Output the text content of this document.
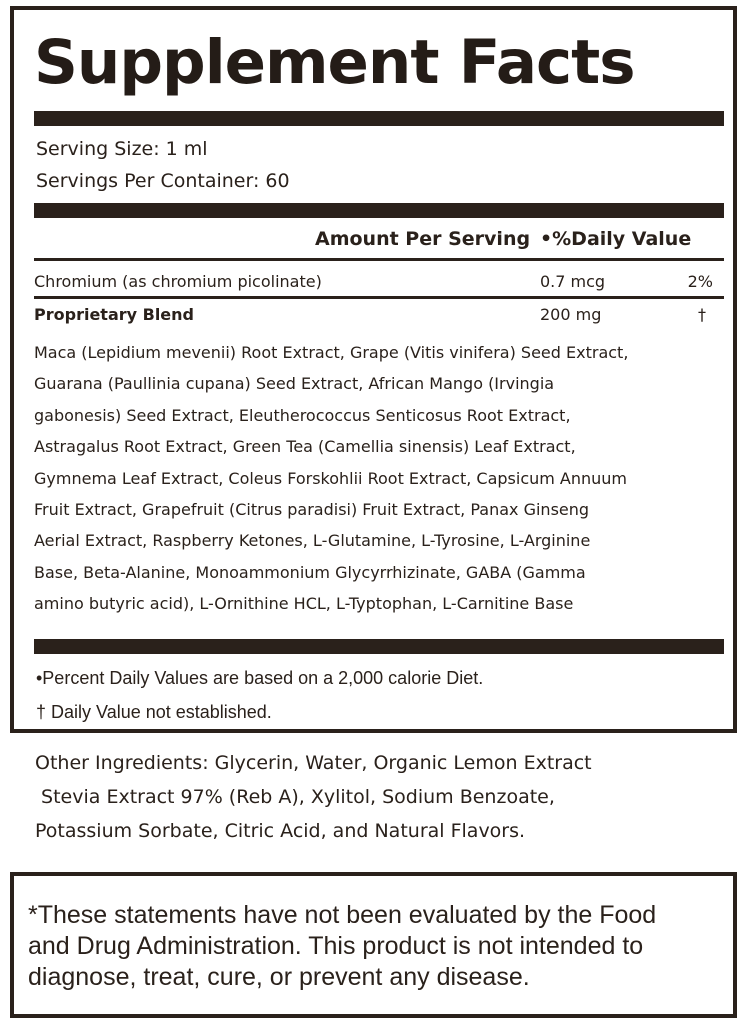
Supplement Facts
Serving Size: 1 ml
Servings Per Container: 60
Amount Per Serving •%Daily Value
Chromium (as chromium picolinate)	0.7 mcg	2%
Proprietary Blend	200 mg	†
Maca (Lepidium mevenii) Root Extract, Grape (Vitis vinifera) Seed Extract,
Guarana (Paullinia cupana) Seed Extract, African Mango (Irvingia
gabonesis) Seed Extract, Eleutherococcus Senticosus Root Extract,
Astragalus Root Extract, Green Tea (Camellia sinensis) Leaf Extract,
Gymnema Leaf Extract, Coleus Forskohlii Root Extract, Capsicum Annuum
Fruit Extract, Grapefruit (Citrus paradisi) Fruit Extract, Panax Ginseng
Aerial Extract, Raspberry Ketones, L-Glutamine, L-Tyrosine, L-Arginine
Base, Beta-Alanine, Monoammonium Glycyrrhizinate, GABA (Gamma
amino butyric acid), L-Ornithine HCL, L-Typtophan, L-Carnitine Base
•Percent Daily Values are based on a 2,000 calorie Diet.
† Daily Value not established.
Other Ingredients: Glycerin, Water, Organic Lemon Extract
Stevia Extract 97% (Reb A), Xylitol, Sodium Benzoate,
Potassium Sorbate, Citric Acid, and Natural Flavors.
*These statements have not been evaluated by the Food
and Drug Administration. This product is not intended to
diagnose, treat, cure, or prevent any disease.
